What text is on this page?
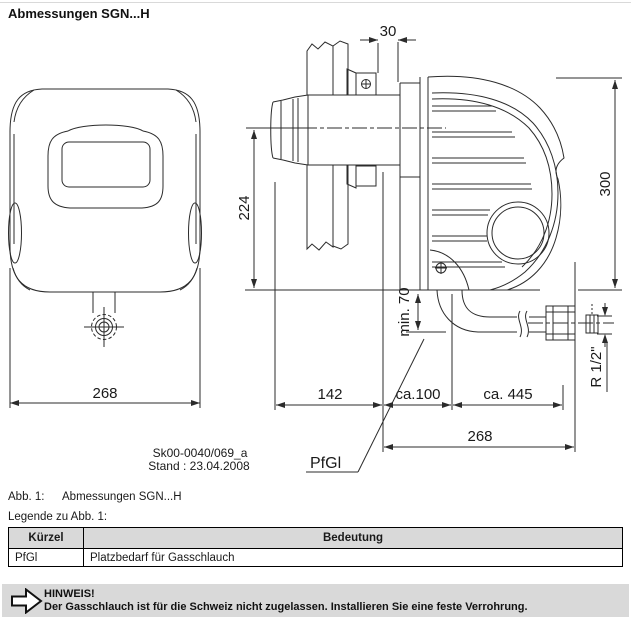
Abmessungen SGN...H
268
30
224
300
min. 70
142	ca.100	ca. 445
268
R 1/2"
PfGl
Sk00-0040/069_a
Stand : 23.04.2008
Abb. 1: Abmessungen SGN...H
Legende zu Abb. 1:
Kürzel	Bedeutung
PfGl	Platzbedarf für Gasschlauch
HINWEIS!
Der Gasschlauch ist für die Schweiz nicht zugelassen. Installieren Sie eine feste Verrohrung.
